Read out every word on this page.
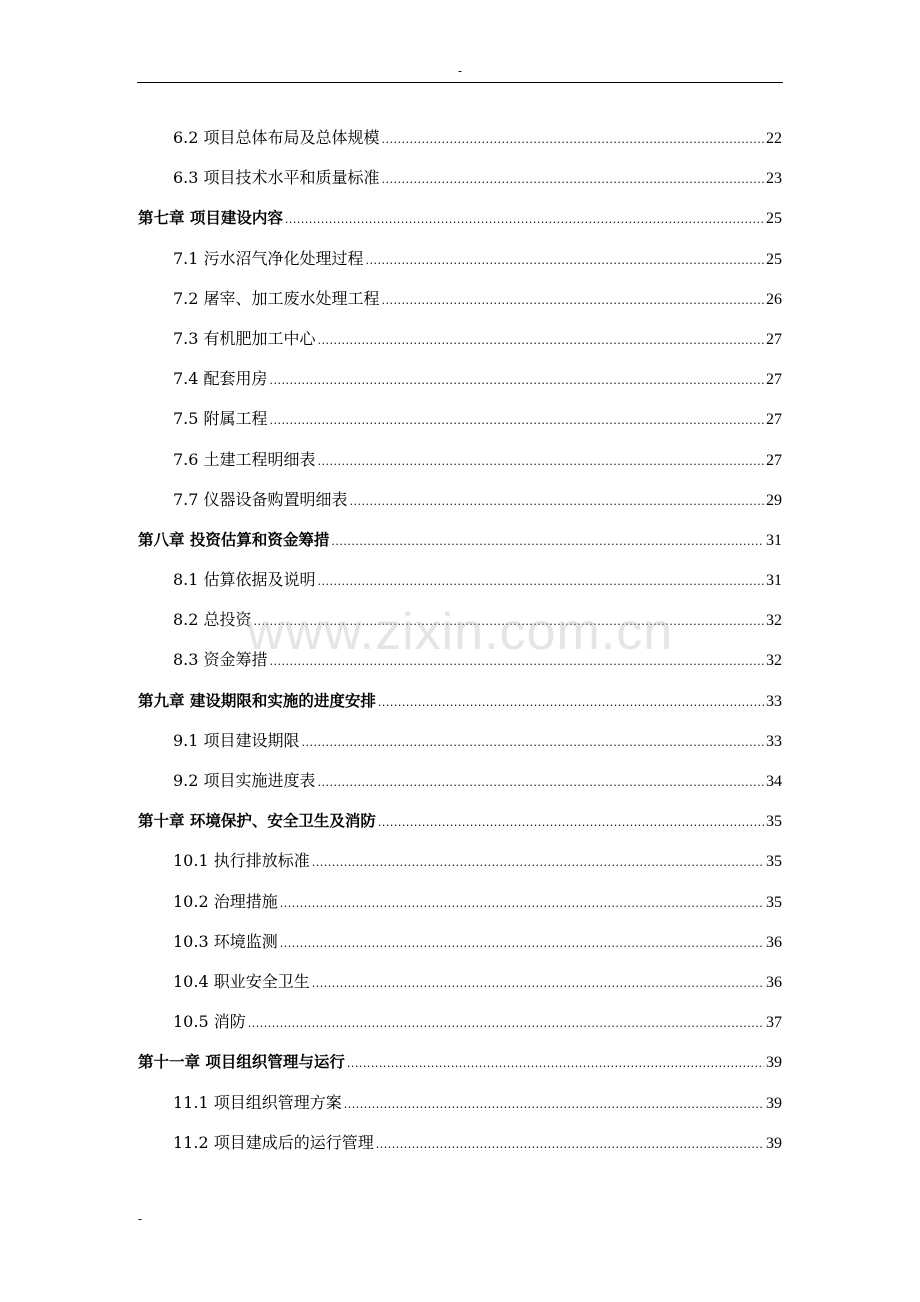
-
6.2 项目总体布局及总体规模 .....	22
6.3 项目技术水平和质量标准 .....	23
第七章 项目建设内容 .....	25
7.1 污水沼气净化处理过程 .....	25
7.2 屠宰、加工废水处理工程 .....	26
7.3 有机肥加工中心 .....	27
7.4 配套用房 .....	27
7.5 附属工程 .....	27
7.6 土建工程明细表 .....	27
7.7 仪器设备购置明细表 .....	29
第八章 投资估算和资金筹措 .....	31
8.1 估算依据及说明 .....	31
8.2 总投资 .....	32
8.3 资金筹措 .....	32
第九章 建设期限和实施的进度安排 .....	33
9.1 项目建设期限 .....	33
9.2 项目实施进度表 .....	34
第十章 环境保护、安全卫生及消防 .....	35
10.1 执行排放标准 .....	35
10.2 治理措施 .....	35
10.3 环境监测 .....	36
10.4 职业安全卫生 .....	36
10.5 消防 .....	37
第十一章 项目组织管理与运行 .....	39
11.1 项目组织管理方案 .....	39
11.2 项目建成后的运行管理 .....	39
www.zixin.com.cn
-
